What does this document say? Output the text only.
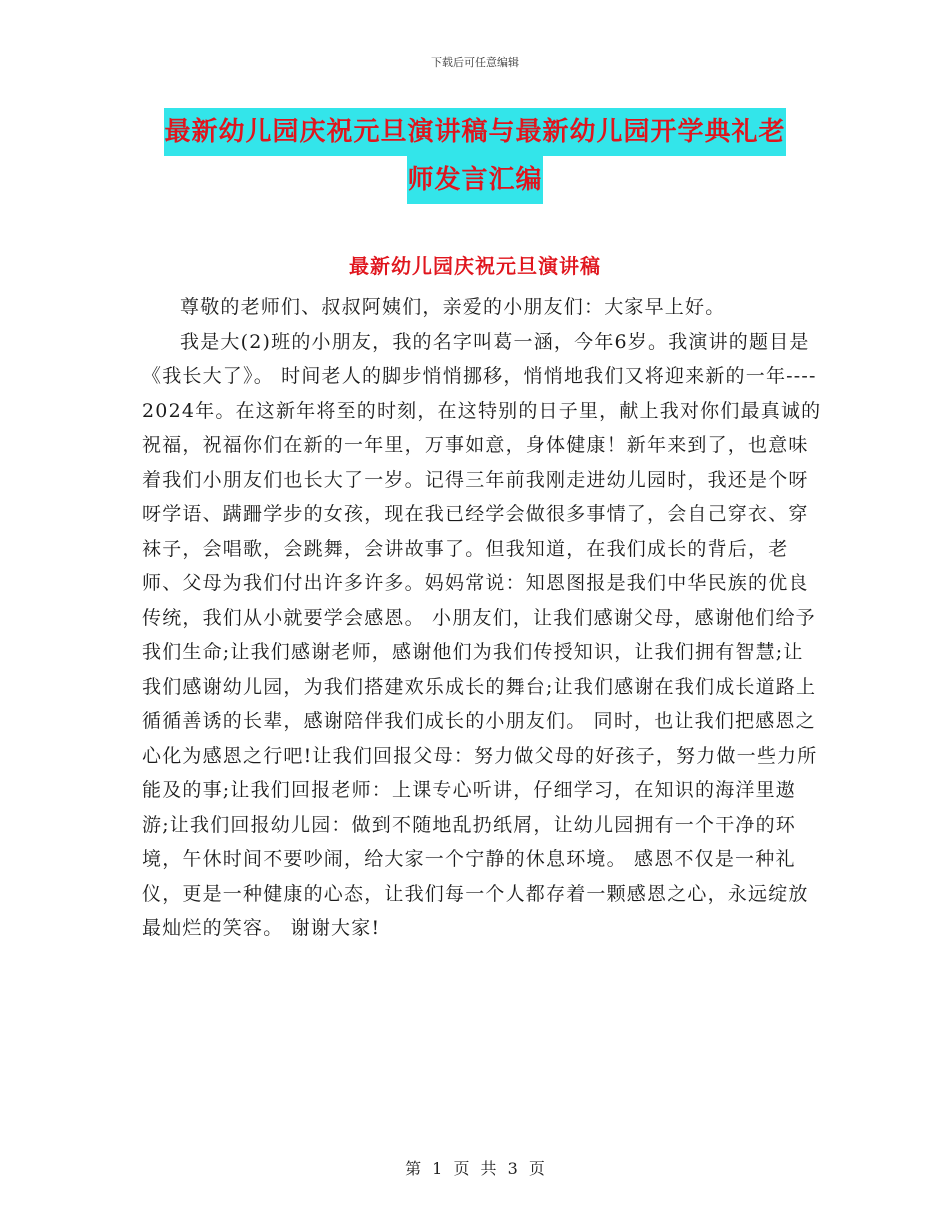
下载后可任意编辑
最新幼儿园庆祝元旦演讲稿与最新幼儿园开学典礼老
师发言汇编
最新幼儿园庆祝元旦演讲稿

尊敬的老师们、叔叔阿姨们，亲爱的小朋友们：大家早上好。

我是大(2)班的小朋友，我的名字叫葛一涵，今年6岁。我演讲的题目是《我长大了》。 时间老人的脚步悄悄挪移，悄悄地我们又将迎来新的一年---- 2024年。在这新年将至的时刻，在这特别的日子里，献上我对你们最真诚的祝福，祝福你们在新的一年里，万事如意，身体健康！新年来到了，也意味着我们小朋友们也长大了一岁。记得三年前我刚走进幼儿园时，我还是个呀呀学语、蹒跚学步的女孩，现在我已经学会做很多事情了，会自己穿衣、穿袜子，会唱歌，会跳舞，会讲故事了。但我知道，在我们成长的背后，老师、父母为我们付出许多许多。妈妈常说：知恩图报是我们中华民族的优良传统，我们从小就要学会感恩。 小朋友们，让我们感谢父母，感谢他们给予我们生命;让我们感谢老师，感谢他们为我们传授知识，让我们拥有智慧;让我们感谢幼儿园，为我们搭建欢乐成长的舞台;让我们感谢在我们成长道路上循循善诱的长辈，感谢陪伴我们成长的小朋友们。 同时，也让我们把感恩之心化为感恩之行吧!让我们回报父母：努力做父母的好孩子，努力做一些力所能及的事;让我们回报老师：上课专心听讲，仔细学习，在知识的海洋里遨游;让我们回报幼儿园：做到不随地乱扔纸屑，让幼儿园拥有一个干净的环境，午休时间不要吵闹，给大家一个宁静的休息环境。 感恩不仅是一种礼仪，更是一种健康的心态，让我们每一个人都存着一颗感恩之心，永远绽放最灿烂的笑容。 谢谢大家!

第 1 页 共 3 页
